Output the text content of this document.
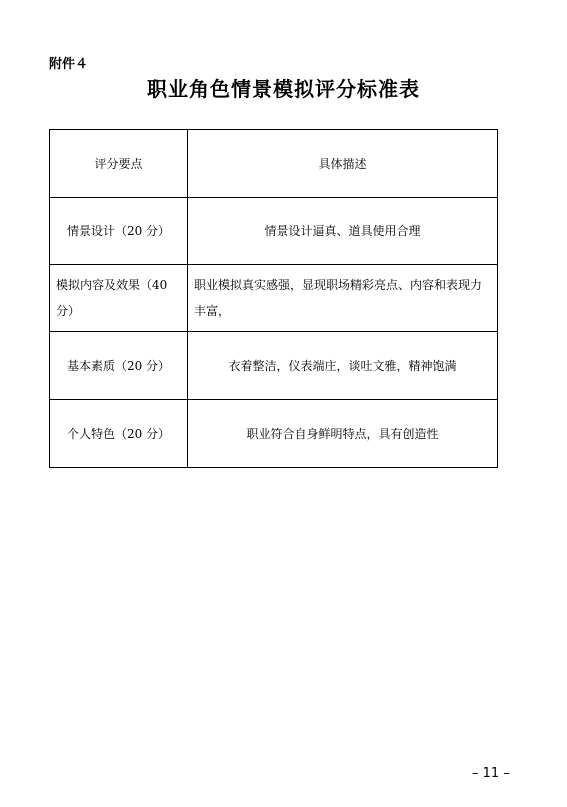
附件４
职业角色情景模拟评分标准表
评分要点	具体描述
情景设计（20 分）	情景设计逼真、道具使用合理
模拟内容及效果（40 分）	职业模拟真实感强，显现职场精彩亮点、内容和表现力丰富，
基本素质（20 分）	衣着整洁，仪表端庄，谈吐文雅，精神饱满
个人特色（20 分）	职业符合自身鲜明特点，具有创造性
– 11 –
